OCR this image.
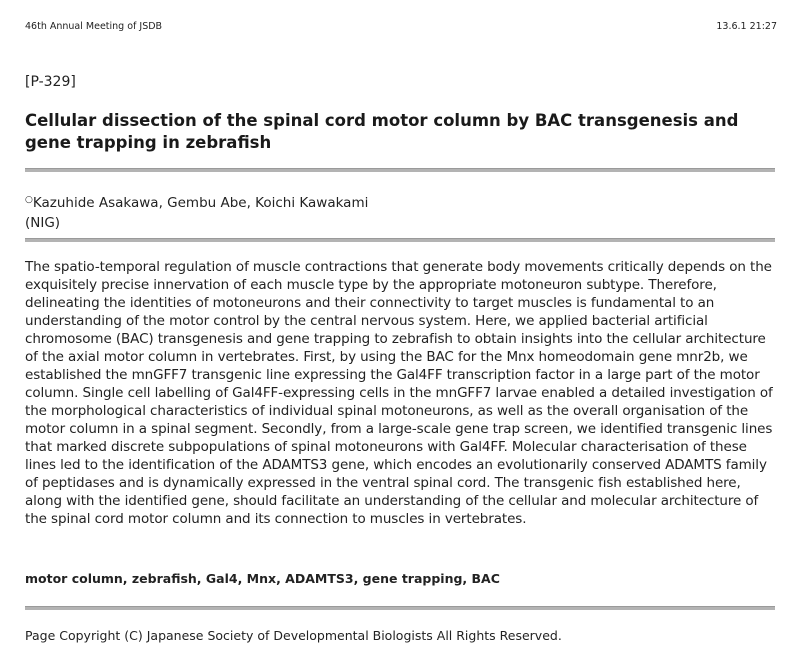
46th Annual Meeting of JSDB	13.6.1 21:27
[P-329]
Cellular dissection of the spinal cord motor column by BAC transgenesis and gene trapping in zebrafish
○Kazuhide Asakawa, Gembu Abe, Koichi Kawakami
(NIG)

The spatio-temporal regulation of muscle contractions that generate body movements critically depends on the exquisitely precise innervation of each muscle type by the appropriate motoneuron subtype. Therefore, delineating the identities of motoneurons and their connectivity to target muscles is fundamental to an understanding of the motor control by the central nervous system. Here, we applied bacterial artificial chromosome (BAC) transgenesis and gene trapping to zebrafish to obtain insights into the cellular architecture of the axial motor column in vertebrates. First, by using the BAC for the Mnx homeodomain gene mnr2b, we established the mnGFF7 transgenic line expressing the Gal4FF transcription factor in a large part of the motor column. Single cell labelling of Gal4FF-expressing cells in the mnGFF7 larvae enabled a detailed investigation of the morphological characteristics of individual spinal motoneurons, as well as the overall organisation of the motor column in a spinal segment. Secondly, from a large-scale gene trap screen, we identified transgenic lines that marked discrete subpopulations of spinal motoneurons with Gal4FF. Molecular characterisation of these lines led to the identification of the ADAMTS3 gene, which encodes an evolutionarily conserved ADAMTS family of peptidases and is dynamically expressed in the ventral spinal cord. The transgenic fish established here, along with the identified gene, should facilitate an understanding of the cellular and molecular architecture of the spinal cord motor column and its connection to muscles in vertebrates.

motor column, zebrafish, Gal4, Mnx, ADAMTS3, gene trapping, BAC
Page Copyright (C) Japanese Society of Developmental Biologists All Rights Reserved.
